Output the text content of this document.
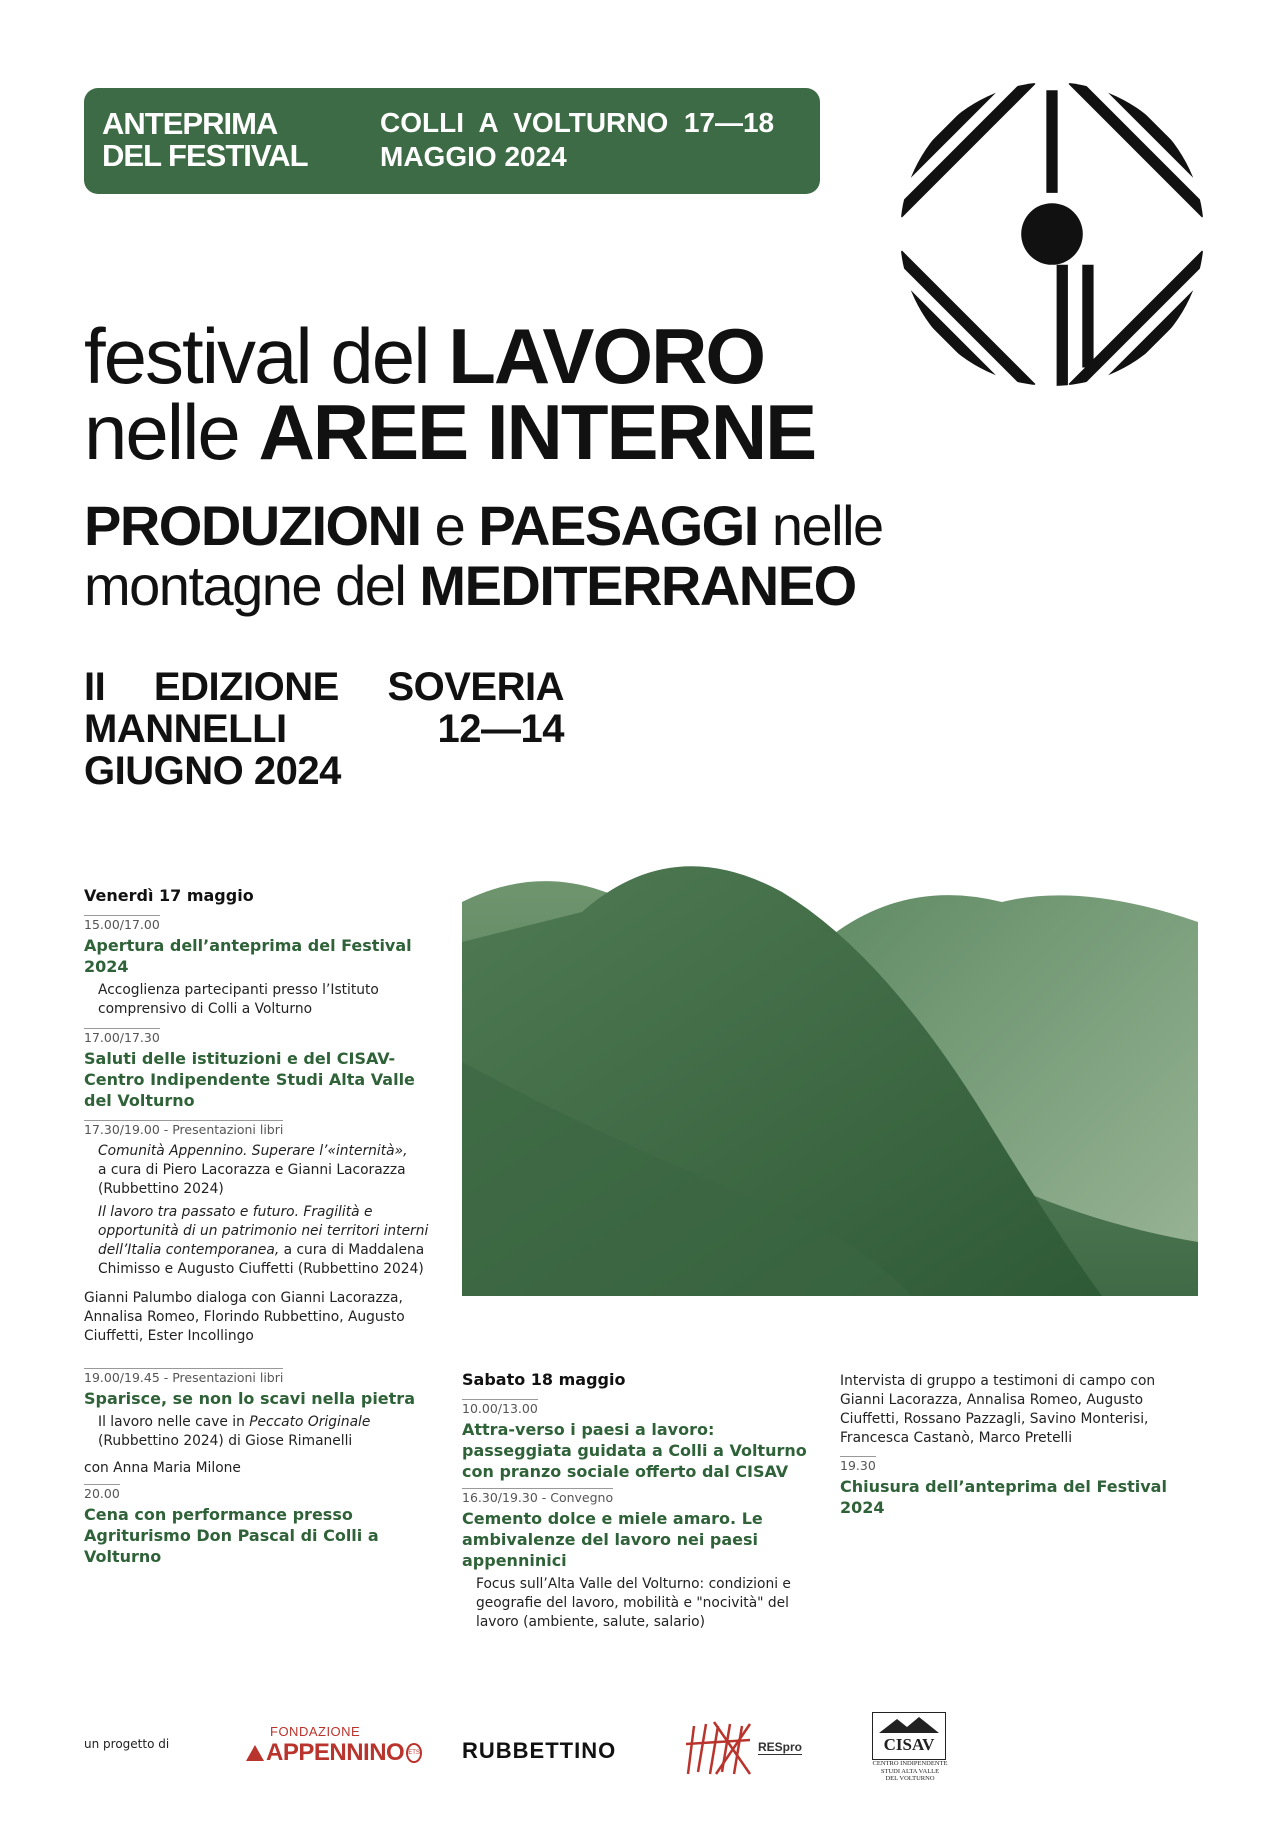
ANTEPRIMA
DEL FESTIVAL
COLLI  A  VOLTURNO  17—18
MAGGIO 2024
festival del LAVORO
nelle AREE INTERNE
PRODUZIONI e PAESAGGI nelle
montagne del MEDITERRANEO
II EDIZIONE SOVERIA
MANNELLI	12—14
GIUGNO 2024
Venerdì 17 maggio
15.00/17.00
Apertura dell’anteprima del Festival 2024
Accoglienza partecipanti presso l’Istituto comprensivo di Colli a Volturno
17.00/17.30
Saluti delle istituzioni e del CISAV-Centro Indipendente Studi Alta Valle del Volturno
17.30/19.00 - Presentazioni libri
Comunità Appennino. Superare l’«internità»,
a cura di Piero Lacorazza e Gianni Lacorazza (Rubbettino 2024)
Il lavoro tra passato e futuro. Fragilità e opportunità di un patrimonio nei territori interni dell’Italia contemporanea, a cura di Maddalena Chimisso e Augusto Ciuffetti (Rubbettino 2024)
Gianni Palumbo dialoga con Gianni Lacorazza, Annalisa Romeo, Florindo Rubbettino, Augusto Ciuffetti, Ester Incollingo
19.00/19.45 - Presentazioni libri
Sparisce, se non lo scavi nella pietra
Il lavoro nelle cave in Peccato Originale (Rubbettino 2024) di Giose Rimanelli
con Anna Maria Milone
20.00
Cena con performance presso Agriturismo Don Pascal di Colli a Volturno
Sabato 18 maggio
10.00/13.00
Attra-verso i paesi a lavoro: passeggiata guidata a Colli a Volturno con pranzo sociale offerto dal CISAV
16.30/19.30 - Convegno
Cemento dolce e miele amaro. Le ambivalenze del lavoro nei paesi appenninici
Focus sull’Alta Valle del Volturno: condizioni e geografie del lavoro, mobilità e "nocività" del lavoro (ambiente, salute, salario)
Intervista di gruppo a testimoni di campo con Gianni Lacorazza, Annalisa Romeo, Augusto Ciuffetti, Rossano Pazzagli, Savino Monterisi, Francesca Castanò, Marco Pretelli
19.30
Chiusura dell’anteprima del Festival 2024
un progetto di
FONDAZIONE
APPENNINO ETS RUBBETTINO	RESpro	CISAV
CENTRO INDIPENDENTE
STUDI ALTA VALLE
DEL VOLTURNO
